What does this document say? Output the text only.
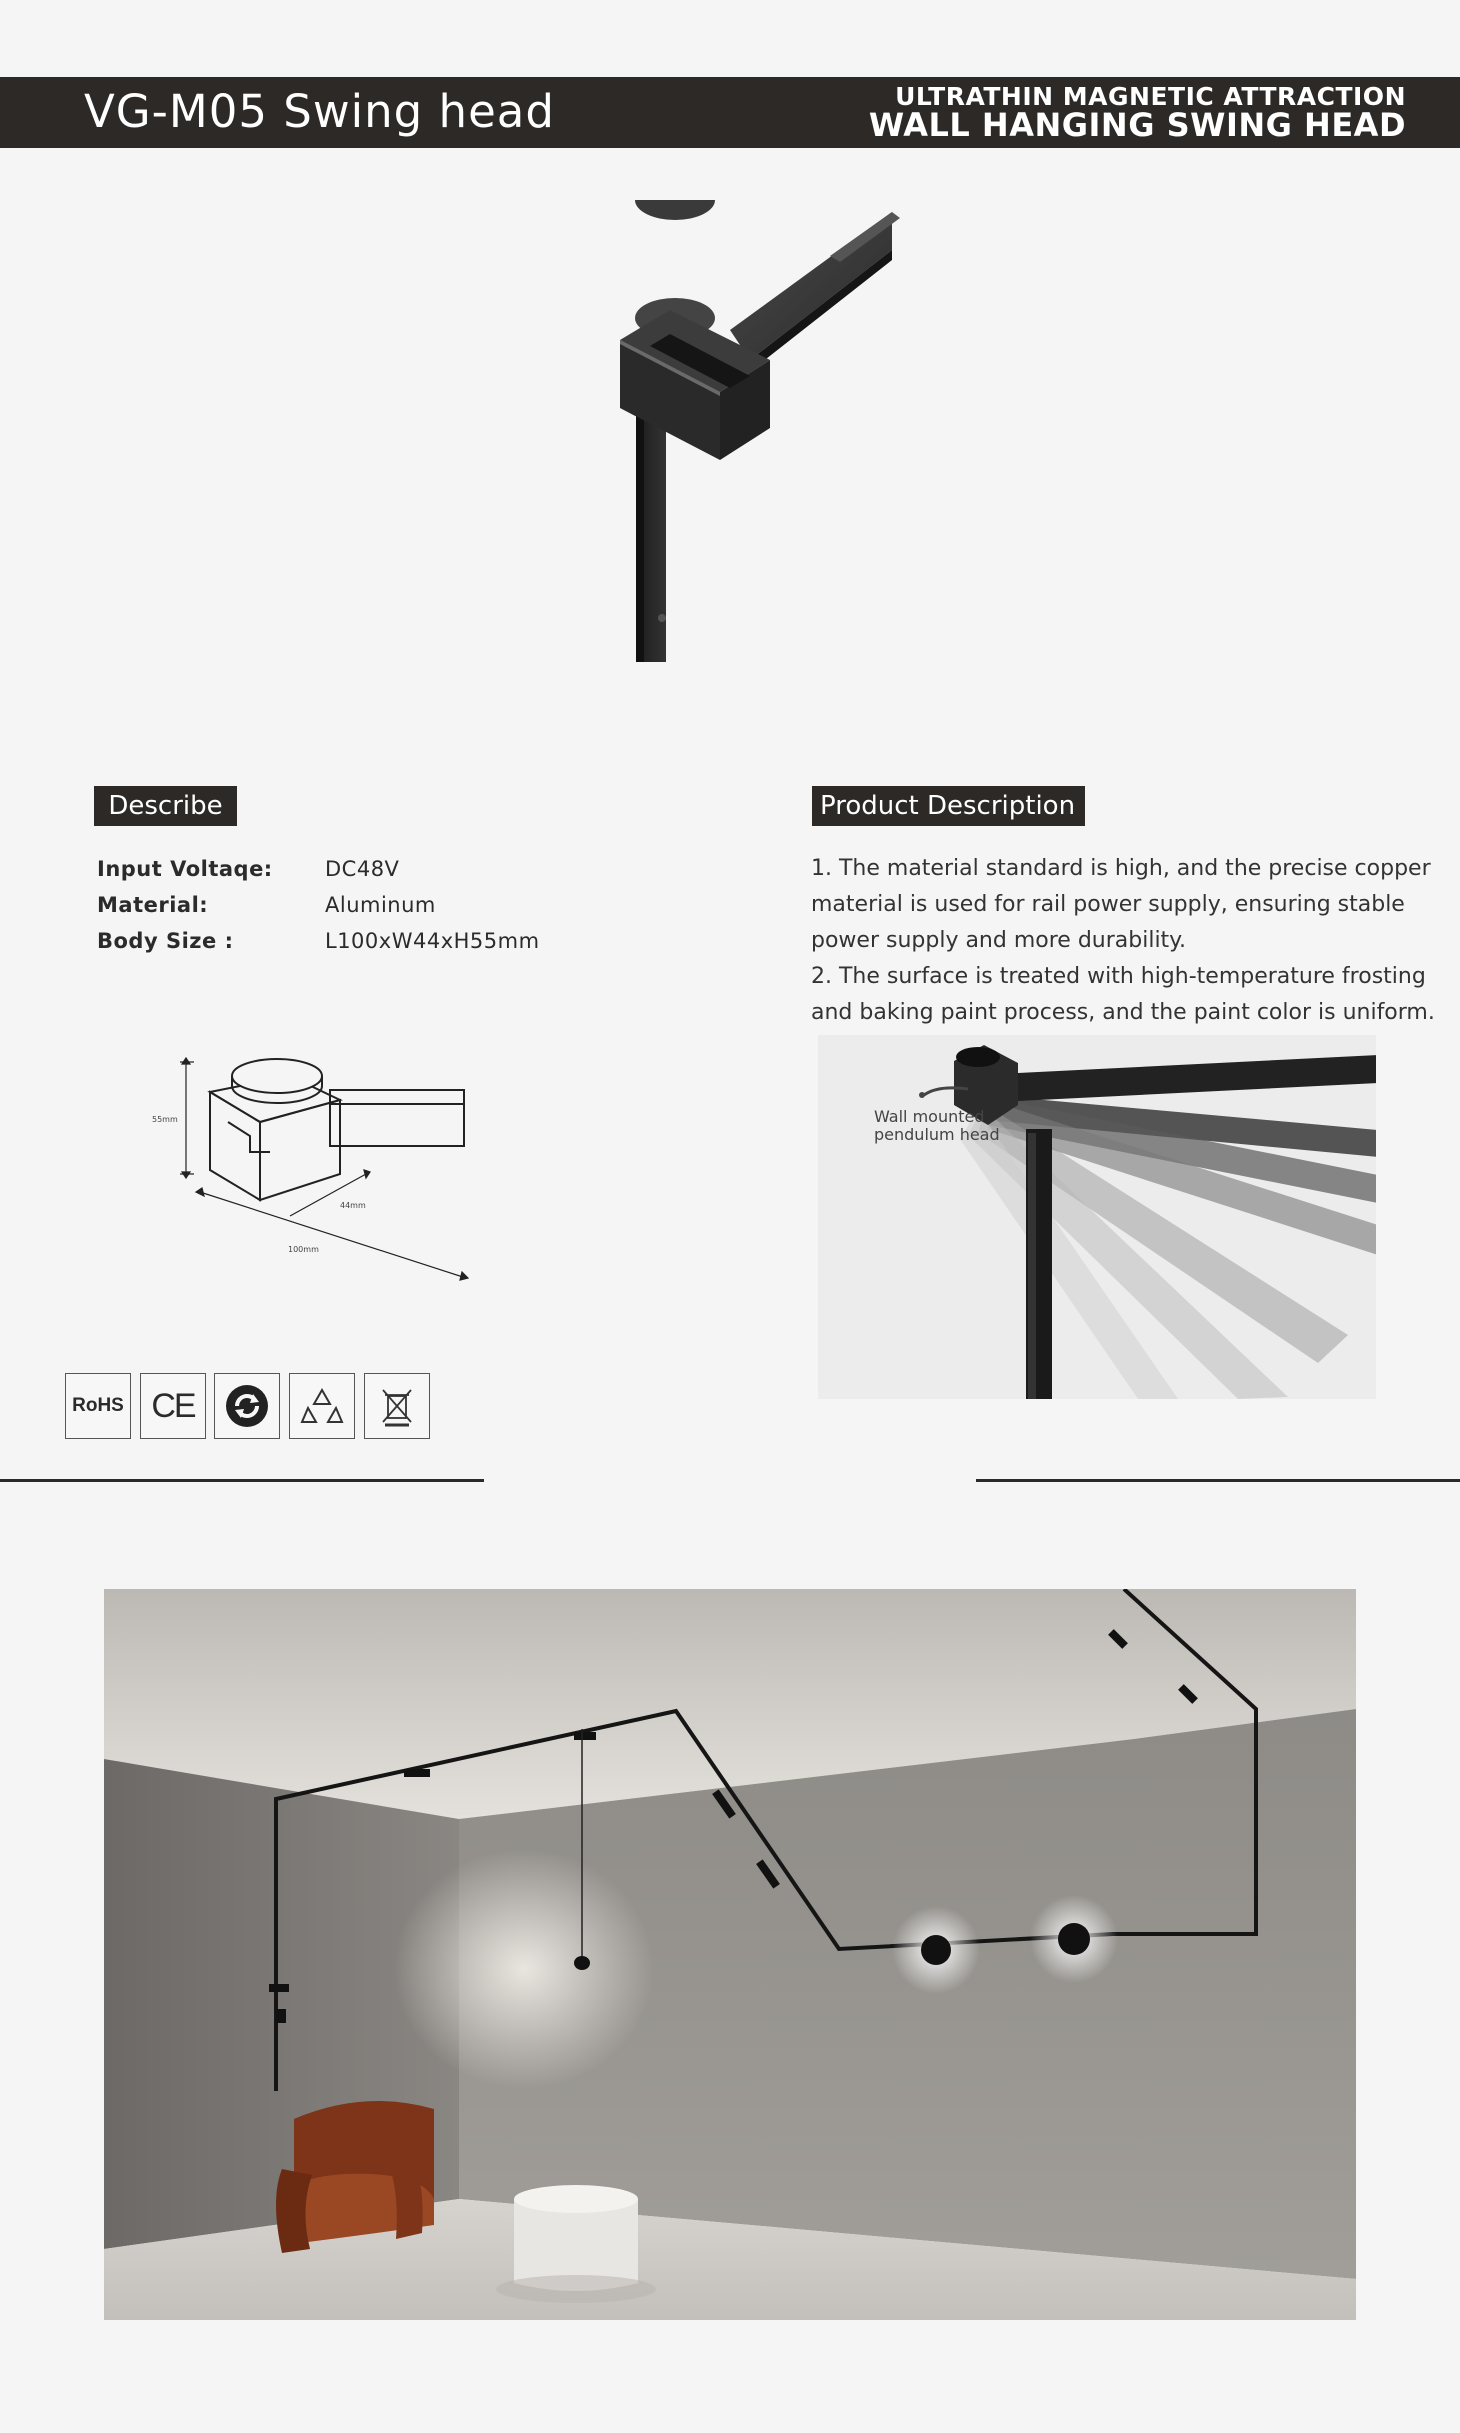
VG-M05 Swing head	ULTRATHIN MAGNETIC ATTRACTION
WALL HANGING SWING HEAD
Describe
Input Voltaqe: DC48V
Material:	Aluminum
Body Size :	L100xW44xH55mm
55mm
44mm
100mm
Product Description

1. The material standard is high, and the precise copper

material is used for rail power supply, ensuring stable

power supply and more durability.

2. The surface is treated with high-temperature frosting

and baking paint process, and the paint color is uniform.

Wall mounted
pendulum head
RoHS CE
